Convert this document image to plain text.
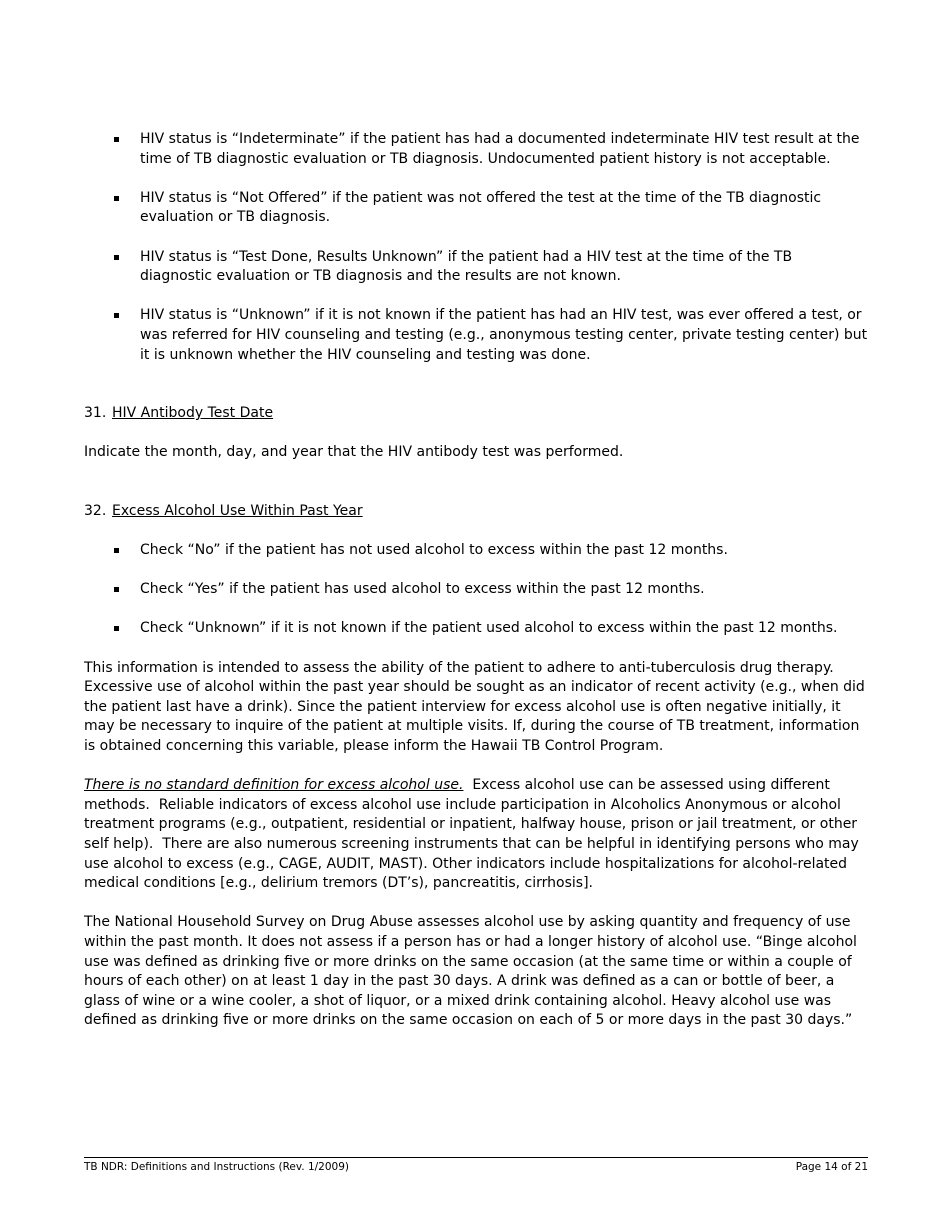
HIV status is “Indeterminate” if the patient has had a documented indeterminate HIV test result at the time of TB diagnostic evaluation or TB diagnosis. Undocumented patient history is not acceptable.
HIV status is “Not Offered” if the patient was not offered the test at the time of the TB diagnostic evaluation or TB diagnosis.
HIV status is “Test Done, Results Unknown” if the patient had a HIV test at the time of the TB diagnostic evaluation or TB diagnosis and the results are not known.
HIV status is “Unknown” if it is not known if the patient has had an HIV test, was ever offered a test, or was referred for HIV counseling and testing (e.g., anonymous testing center, private testing center) but it is unknown whether the HIV counseling and testing was done.

31. HIV Antibody Test Date

Indicate the month, day, and year that the HIV antibody test was performed.

32. Excess Alcohol Use Within Past Year

Check “No” if the patient has not used alcohol to excess within the past 12 months.
Check “Yes” if the patient has used alcohol to excess within the past 12 months.
Check “Unknown” if it is not known if the patient used alcohol to excess within the past 12 months.

This information is intended to assess the ability of the patient to adhere to anti-tuberculosis drug therapy. Excessive use of alcohol within the past year should be sought as an indicator of recent activity (e.g., when did the patient last have a drink). Since the patient interview for excess alcohol use is often negative initially, it may be necessary to inquire of the patient at multiple visits. If, during the course of TB treatment, information is obtained concerning this variable, please inform the Hawaii TB Control Program.

There is no standard definition for excess alcohol use.  Excess alcohol use can be assessed using different methods.  Reliable indicators of excess alcohol use include participation in Alcoholics Anonymous or alcohol treatment programs (e.g., outpatient, residential or inpatient, halfway house, prison or jail treatment, or other self help).  There are also numerous screening instruments that can be helpful in identifying persons who may use alcohol to excess (e.g., CAGE, AUDIT, MAST). Other indicators include hospitalizations for alcohol-related medical conditions [e.g., delirium tremors (DT’s), pancreatitis, cirrhosis].

The National Household Survey on Drug Abuse assesses alcohol use by asking quantity and frequency of use within the past month. It does not assess if a person has or had a longer history of alcohol use. “Binge alcohol use was defined as drinking five or more drinks on the same occasion (at the same time or within a couple of hours of each other) on at least 1 day in the past 30 days. A drink was defined as a can or bottle of beer, a glass of wine or a wine cooler, a shot of liquor, or a mixed drink containing alcohol. Heavy alcohol use was defined as drinking five or more drinks on the same occasion on each of 5 or more days in the past 30 days.”

TB NDR: Definitions and Instructions (Rev. 1/2009)	Page 14 of 21
